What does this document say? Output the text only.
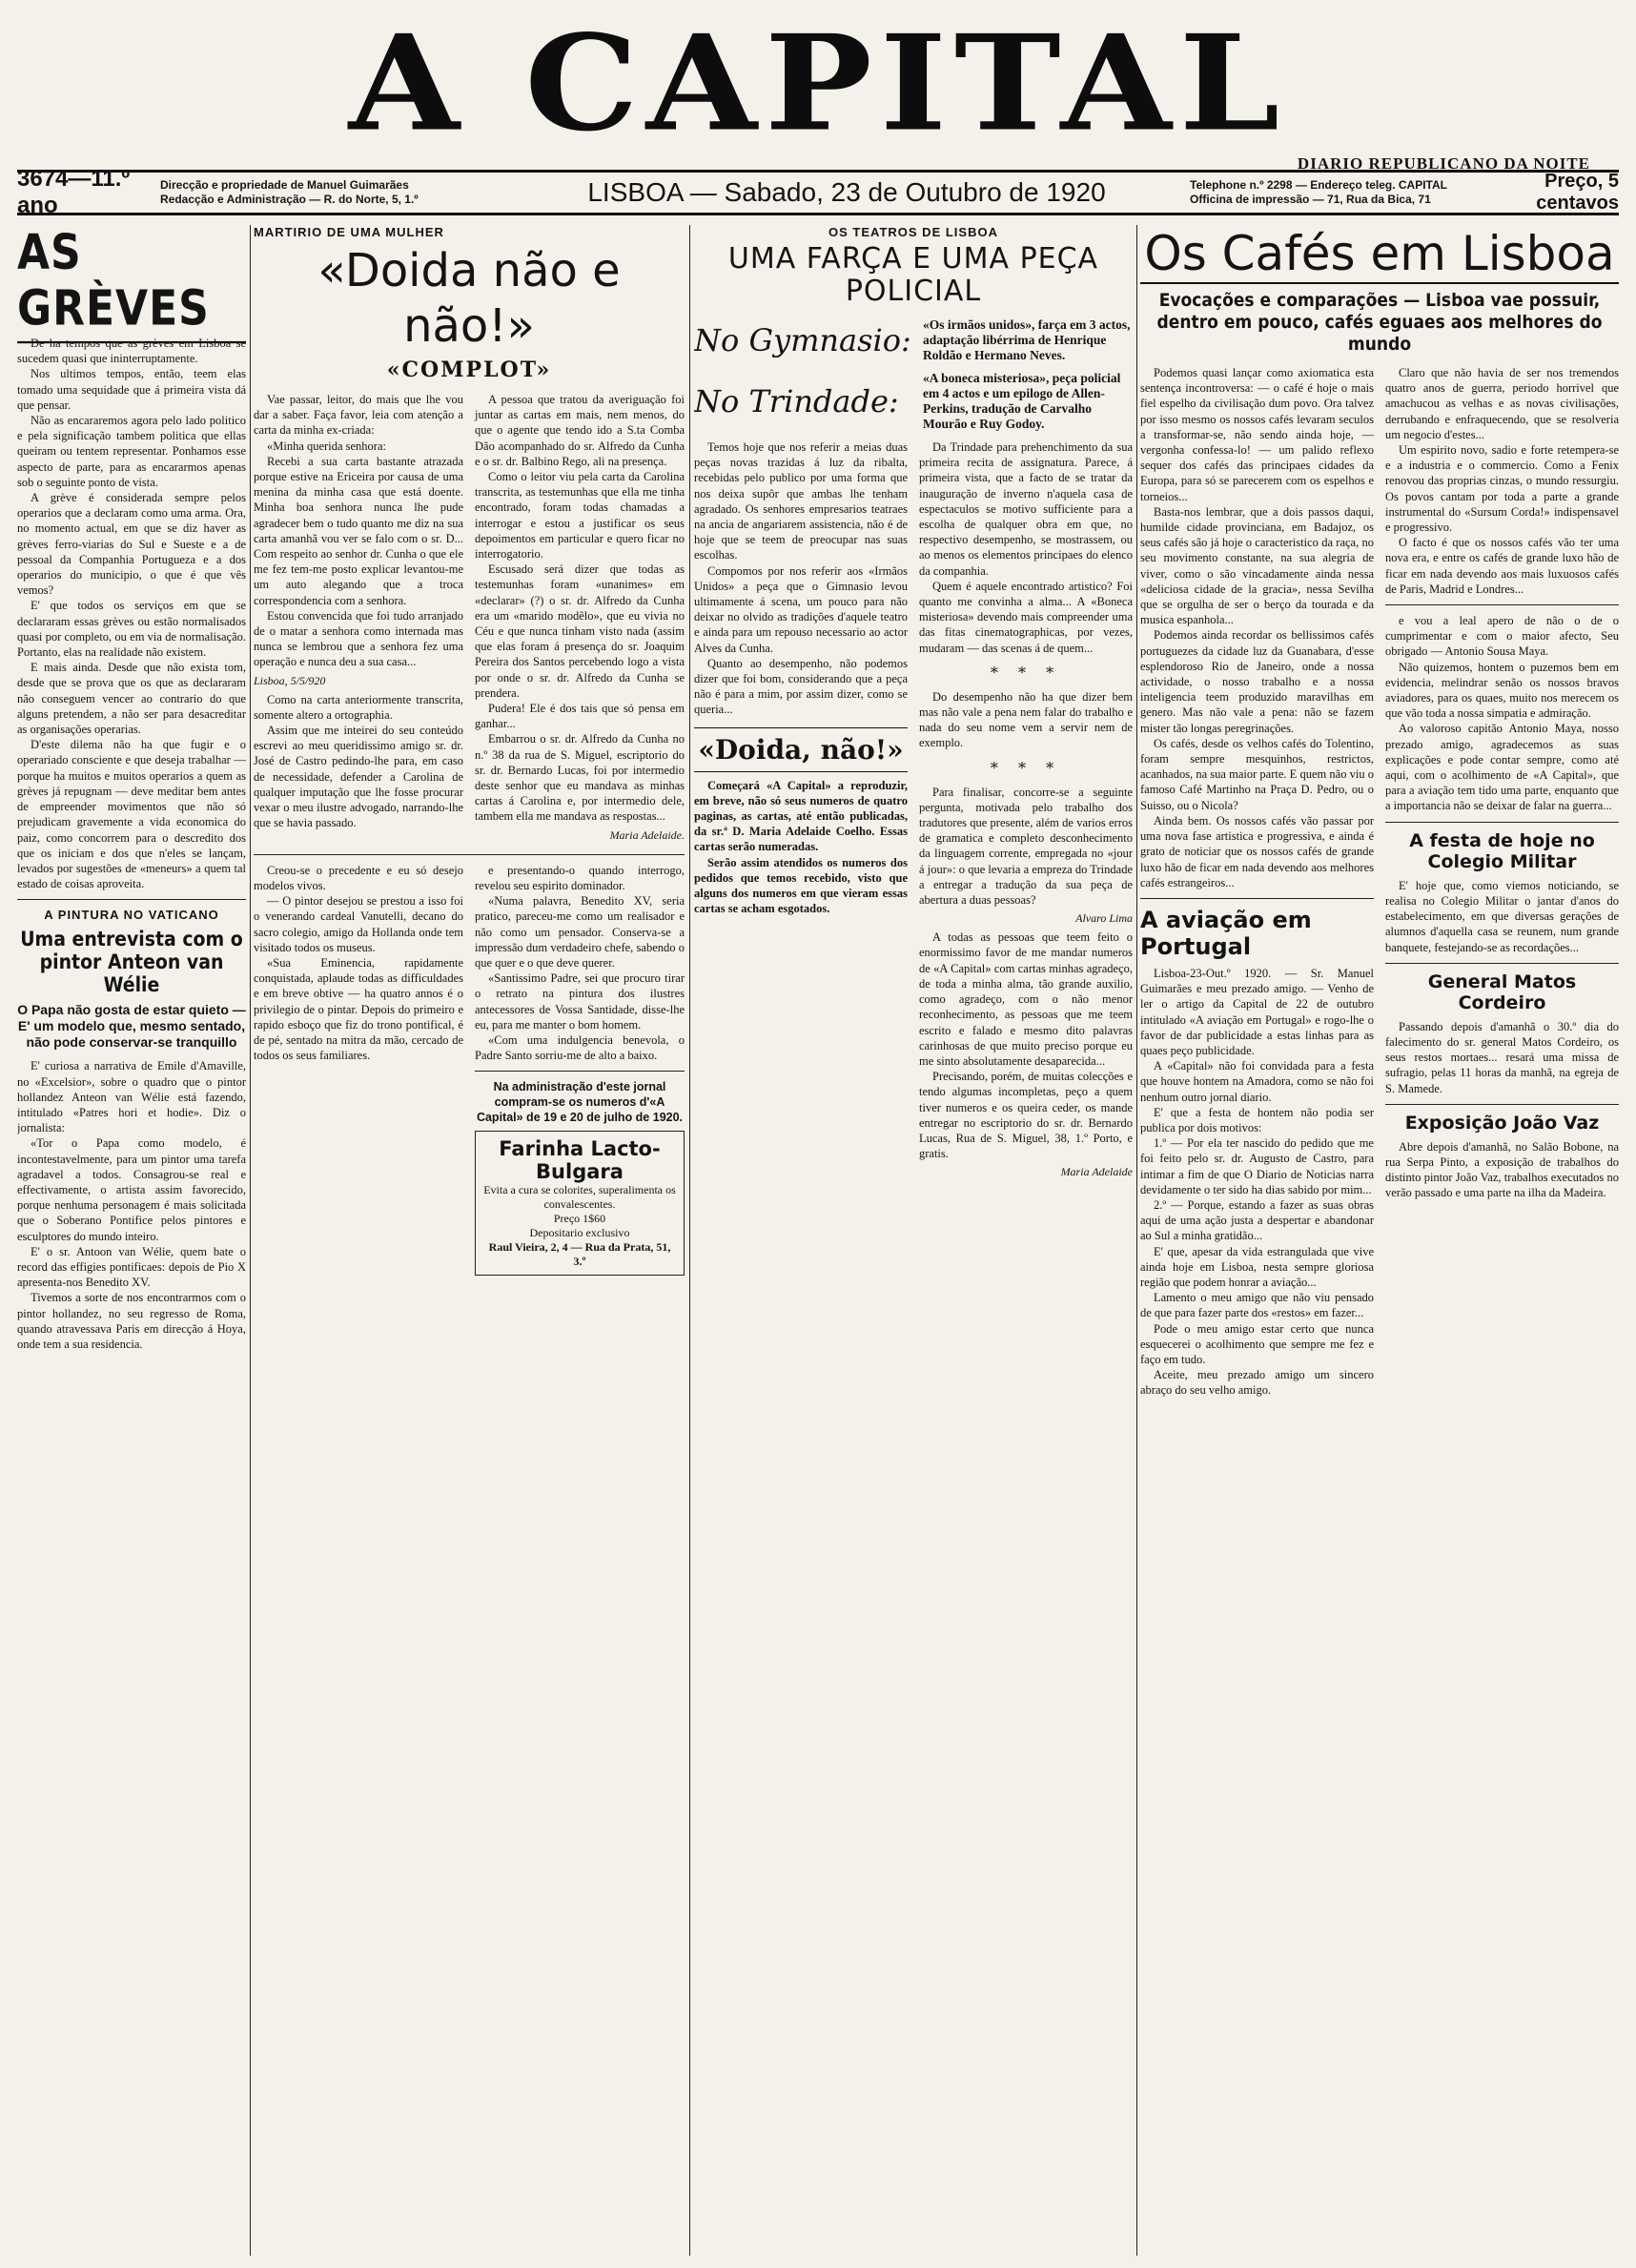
A CAPITAL
DIARIO REPUBLICANO DA NOITE
3674—11.º ano
Direcção e propriedade de Manuel Guimarães
Redacção e Administração — R. do Norte, 5, 1.º	LISBOA — Sabado, 23 de Outubro de 1920	Telephone n.º 2298 — Endereço teleg. CAPITAL
Officina de impressão — 71, Rua da Bica, 71
Preço, 5 centavos
AS GRÈVES

De ha tempos que as grèves em Lisboa se sucedem quasi que ininterruptamente.

Nos ultimos tempos, então, teem elas tomado uma sequidade que á primeira vista dá que pensar.

Não as encararemos agora pelo lado politico e pela significação tambem politica que ellas queiram ou tentem representar. Ponhamos esse aspecto de parte, para as encararmos apenas sob o seguinte ponto de vista.

A grève é considerada sempre pelos operarios que a declaram como uma arma. Ora, no momento actual, em que se diz haver as grèves ferro-viarias do Sul e Sueste e a de pessoal da Companhia Portugueza e a dos operarios do municipio, o que é que vês vemos?

E' que todos os serviços em que se declararam essas grèves ou estão normalisados quasi por completo, ou em via de normalisação. Portanto, elas na realidade não existem.

E mais ainda. Desde que não exista tom, desde que se prova que os que as declararam não conseguem vencer ao contrario do que alguns pretendem, a não ser para desacreditar as organisações operarias.

D'este dilema não ha que fugir e o operariado consciente e que deseja trabalhar — porque ha muitos e muitos operarios a quem as grèves já repugnam — deve meditar bem antes de empreender movimentos que não só prejudicam gravemente a vida economica do paiz, como concorrem para o descredito dos que os iniciam e dos que n'eles se lançam, levados por sugestões de «meneurs» a quem tal estado de coisas aproveita.

A PINTURA NO VATICANO
Uma entrevista com o pintor Anteon van Wélie
O Papa não gosta de estar quieto — E' um modelo que, mesmo sentado, não pode conservar-se tranquillo

E' curiosa a narrativa de Emile d'Amaville, no «Excelsior», sobre o quadro que o pintor hollandez Anteon van Wélie está fazendo, intitulado «Patres hori et hodie». Diz o jornalista:

«Tor o Papa como modelo, é incontestavelmente, para um pintor uma tarefa agradavel a todos. Consagrou-se real e effectivamente, o artista assim favorecido, porque nenhuma personagem é mais solicitada que o Soberano Pontifice pelos pintores e esculptores do mundo inteiro.

E' o sr. Antoon van Wélie, quem bate o record das effigies pontificaes: depois de Pio X apresenta-nos Benedito XV.

Tivemos a sorte de nos encontrarmos com o pintor hollandez, no seu regresso de Roma, quando atravessava Paris em direcção á Hoya, onde tem a sua residencia.

MARTIRIO DE UMA MULHER
«Doida não e não!»
«COMPLOT»

Vae passar, leitor, do mais que lhe vou dar a saber. Faça favor, leia com atenção a carta da minha ex-criada:

«Minha querida senhora:

Recebi a sua carta bastante atrazada porque estive na Ericeira por causa de uma menina da minha casa que está doente. Minha boa senhora nunca lhe pude agradecer bem o tudo quanto me diz na sua carta amanhã vou ver se falo com o sr. D... Com respeito ao senhor dr. Cunha o que ele me fez tem-me posto explicar levantou-me um auto alegando que a troca correspondencia com a senhora.

Estou convencida que foi tudo arranjado de o matar a senhora como internada mas nunca se lembrou que a senhora fez uma operação e nunca deu a sua casa...

Lisboa, 5/5/920

Como na carta anteriormente transcrita, somente altero a ortographia.

Assim que me inteirei do seu conteúdo escrevi ao meu queridissimo amigo sr. dr. José de Castro pedindo-lhe para, em caso de necessidade, defender a Carolina de qualquer imputação que lhe fosse procurar vexar o meu ilustre advogado, narrando-lhe que se havia passado.

A pessoa que tratou da averiguação foi juntar as cartas em mais, nem menos, do que o agente que tendo ido a S.ta Comba Dão acompanhado do sr. Alfredo da Cunha e o sr. dr. Balbino Rego, ali na presença.

Como o leitor viu pela carta da Carolina transcrita, as testemunhas que ella me tinha encontrado, foram todas chamadas a interrogar e estou a justificar os seus depoimentos em particular e quero ficar no interrogatorio.

Escusado será dizer que todas as testemunhas foram «unanimes» em «declarar» (?) o sr. dr. Alfredo da Cunha era um «marido modêlo», que eu vivia no Céu e que nunca tinham visto nada (assim que elas foram á presença do sr. Joaquim Pereira dos Santos percebendo logo a vista por onde o sr. dr. Alfredo da Cunha se prendera.

Pudera! Ele é dos tais que só pensa em ganhar...

Embarrou o sr. dr. Alfredo da Cunha no n.º 38 da rua de S. Miguel, escriptorio do sr. dr. Bernardo Lucas, foi por intermedio deste senhor que eu mandava as minhas cartas á Carolina e, por intermedio dele, tambem ella me mandava as respostas...

Maria Adelaide.

Creou-se o precedente e eu só desejo modelos vivos.

— O pintor desejou se prestou a isso foi o venerando cardeal Vanutelli, decano do sacro colegio, amigo da Hollanda onde tem visitado todos os museus.

«Sua Eminencia, rapidamente conquistada, aplaude todas as difficuldades e em breve obtive — ha quatro annos é o privilegio de o pintar. Depois do primeiro e rapido esboço que fiz do trono pontifical, é de pé, sentado na mitra da mão, cercado de todos os seus familiares.

e presentando-o quando interrogo, revelou seu espirito dominador.

«Numa palavra, Benedito XV, seria pratico, pareceu-me como um realisador e não como um pensador. Conserva-se a impressão dum verdadeiro chefe, sabendo o que quer e o que deve querer.

«Santissimo Padre, sei que procuro tirar o retrato na pintura dos ilustres antecessores de Vossa Santidade, disse-lhe eu, para me manter o bom homem.

«Com uma indulgencia benevola, o Padre Santo sorriu-me de alto a baixo.

Na administração d'este jornal compram-se os numeros d'«A Capital» de 19 e 20 de julho de 1920.
Farinha Lacto-Bulgara
Evita a cura se colorites, superalimenta os convalescentes.
Preço 1$60
Depositario exclusivo
Raul Vieira, 2, 4 — Rua da Prata, 51, 3.º
OS TEATROS DE LISBOA
UMA FARÇA E UMA PEÇA POLICIAL
No Gymnasio: «Os irmãos unidos», farça em 3 actos, adaptação libérrima de Henrique Roldão e Hermano Neves.
No Trindade:
«A boneca misteriosa», peça policial em 4 actos e um epilogo de Allen-Perkins, tradução de Carvalho Mourão e Ruy Godoy.

Temos hoje que nos referir a meias duas peças novas trazidas á luz da ribalta, recebidas pelo publico por uma forma que nos deixa supôr que ambas lhe tenham agradado. Os senhores empresarios teatraes na ancia de angariarem assistencia, não é de hoje que se teem de preocupar nas suas escolhas.

Compomos por nos referir aos «Irmãos Unidos» a peça que o Gimnasio levou ultimamente á scena, um pouco para não deixar no olvido as tradições d'aquele teatro e ainda para um repouso necessario ao actor Alves da Cunha.

Quanto ao desempenho, não podemos dizer que foi bom, considerando que a peça não é para a mim, por assim dizer, como se queria...

«Doida, não!»

Começará «A Capital» a reproduzir, em breve, não só seus numeros de quatro paginas, as cartas, até então publicadas, da sr.ª D. Maria Adelaide Coelho. Essas cartas serão numeradas.

Serão assim atendidos os numeros dos pedidos que temos recebido, visto que alguns dos numeros em que vieram essas cartas se acham esgotados.

Da Trindade para prehenchimento da sua primeira recita de assignatura. Parece, á primeira vista, que a facto de se tratar da inauguração de inverno n'aquela casa de espectaculos se motivo sufficiente para a escolha de qualquer obra em que, no respectivo desempenho, se mostrassem, ou ao menos os elementos principaes do elenco da companhia.

Quem é aquele encontrado artistico? Foi quanto me convinha a alma... A «Boneca misteriosa» devendo mais compreender uma das fitas cinematographicas, por vezes, mudaram — das scenas á de quem...

* * *

Do desempenho não ha que dizer bem mas não vale a pena nem falar do trabalho e nada do seu nome vem a servir nem de exemplo.

* * *

Para finalisar, concorre-se a seguinte pergunta, motivada pelo trabalho dos tradutores que presente, além de varios erros de gramatica e completo desconhecimento da linguagem corrente, empregada no «jour á jour»: o que levaria a empreza do Trindade a entregar a tradução da sua peça de abertura a duas pessoas?

Alvaro Lima

A todas as pessoas que teem feito o enormissimo favor de me mandar numeros de «A Capital» com cartas minhas agradeço, de toda a minha alma, tão grande auxilio, como agradeço, com o não menor reconhecimento, as pessoas que me teem escrito e falado e mesmo dito palavras carinhosas de que muito preciso porque eu me sinto absolutamente desaparecida...

Precisando, porém, de muitas colecções e tendo algumas incompletas, peço a quem tiver numeros e os queira ceder, os mande entregar no escriptorio do sr. dr. Bernardo Lucas, Rua de S. Miguel, 38, 1.º Porto, e gratis.

Maria Adelaide
Os Cafés em Lisboa
Evocações e comparações — Lisboa vae possuir, dentro em pouco, cafés eguaes aos melhores do mundo

Podemos quasi lançar como axiomatica esta sentença incontroversa: — o café é hoje o mais fiel espelho da civilisação dum povo. Ora talvez por isso mesmo os nossos cafés levaram seculos a transformar-se, não sendo ainda hoje, — vergonha confessa-lo! — um palido reflexo sequer dos cafés das principaes cidades da Europa, para só se parecerem com os espelhos e torneios...

Basta-nos lembrar, que a dois passos daqui, humilde cidade provinciana, em Badajoz, os seus cafés são já hoje o caracteristico da raça, no seu movimento constante, na sua alegria de viver, como o são vincadamente ainda nessa «deliciosa cidade de la gracia», nessa Sevilha que se orgulha de ser o berço da tourada e da musica espanhola...

Podemos ainda recordar os bellissimos cafés portuguezes da cidade luz da Guanabara, d'esse esplendoroso Rio de Janeiro, onde a nossa actividade, o nosso trabalho e a nossa inteligencia teem produzido maravilhas em genero. Mas não vale a pena: não se fazem mister tão longas peregrinações.

Os cafés, desde os velhos cafés do Tolentino, foram sempre mesquinhos, restrictos, acanhados, na sua maior parte. E quem não viu o famoso Café Martinho na Praça D. Pedro, ou o Suisso, ou o Nicola?

Ainda bem. Os nossos cafés vão passar por uma nova fase artistica e progressiva, e ainda é grato de noticiar que os nossos cafés de grande luxo hão de ficar em nada devendo aos melhores cafés estrangeiros...

A aviação em Portugal

Lisboa-23-Out.º 1920. — Sr. Manuel Guimarães e meu prezado amigo. — Venho de ler o artigo da Capital de 22 de outubro intitulado «A aviação em Portugal» e rogo-lhe o favor de dar publicidade a estas linhas para as quaes peço publicidade.

A «Capital» não foi convidada para a festa que houve hontem na Amadora, como se não foi nenhum outro jornal diario.

E' que a festa de hontem não podia ser publica por dois motivos:

1.º — Por ela ter nascido do pedido que me foi feito pelo sr. dr. Augusto de Castro, para intimar a fim de que O Diario de Noticias narra devidamente o ter sido ha dias sabido por mim...

2.º — Porque, estando a fazer as suas obras aqui de uma ação justa a despertar e abandonar ao Sul a minha gratidão...

E' que, apesar da vida estrangulada que vive ainda hoje em Lisboa, nesta sempre gloriosa região que podem honrar a aviação...

Lamento o meu amigo que não viu pensado de que para fazer parte dos «restos» em fazer...

Pode o meu amigo estar certo que nunca esquecerei o acolhimento que sempre me fez e faço em tudo.

Aceite, meu prezado amigo um sincero abraço do seu velho amigo.

Claro que não havia de ser nos tremendos quatro anos de guerra, periodo horrivel que amachucou as velhas e as novas civilisações, derrubando e enfraquecendo, que se resolveria um negocio d'estes...

Um espirito novo, sadio e forte retempera-se e a industria e o commercio. Como a Fenix renovou das proprias cinzas, o mundo ressurgiu. Os povos cantam por toda a parte a grande instrumental do «Sursum Corda!» indispensavel e progressivo.

O facto é que os nossos cafés vão ter uma nova era, e entre os cafés de grande luxo hão de ficar em nada devendo aos mais luxuosos cafés de Paris, Madrid e Londres...

e vou a leal apero de não o de o cumprimentar e com o maior afecto, Seu obrigado — Antonio Sousa Maya.

Não quizemos, hontem o puzemos bem em evidencia, melindrar senão os nossos bravos aviadores, para os quaes, muito nos merecem os que vão toda a nossa simpatia e admiração.

Ao valoroso capitão Antonio Maya, nosso prezado amigo, agradecemos as suas explicações e pode contar sempre, como até aqui, com o acolhimento de «A Capital», que para a aviação tem tido uma parte, enquanto que a importancia não se deixar de falar na guerra...

A festa de hoje no Colegio Militar

E' hoje que, como viemos noticiando, se realisa no Colegio Militar o jantar d'anos do estabelecimento, em que diversas gerações de alumnos d'aquella casa se reunem, num grande banquete, festejando-se as recordações...

General Matos Cordeiro

Passando depois d'amanhã o 30.º dia do falecimento do sr. general Matos Cordeiro, os seus restos mortaes... resará uma missa de sufragio, pelas 11 horas da manhã, na egreja de S. Mamede.

Exposição João Vaz

Abre depois d'amanhã, no Salão Bobone, na rua Serpa Pinto, a exposição de trabalhos do distinto pintor João Vaz, trabalhos executados no verão passado e uma parte na ilha da Madeira.
